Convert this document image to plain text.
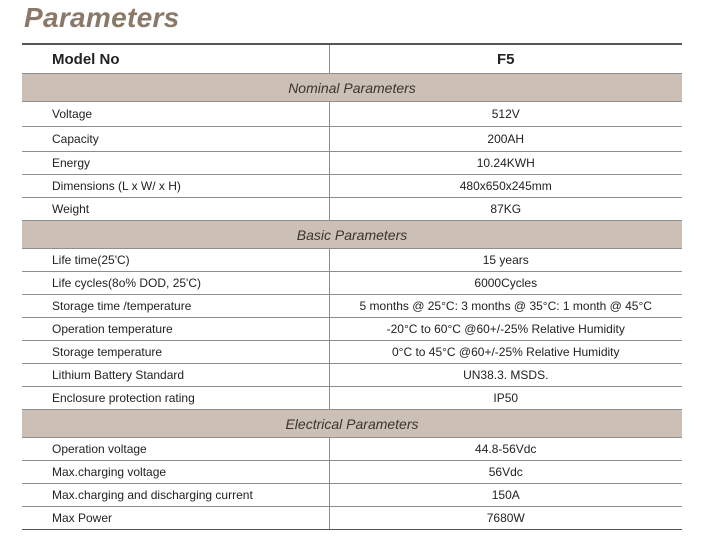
Parameters
Model No	F5
Nominal Parameters	
Voltage	512V
Capacity	200AH
Energy	10.24KWH
Dimensions (L x W/ x H)	480x650x245mm
Weight	87KG
Basic Parameters	
Life time(25'C)	15 years
Life cycles(8o% DOD, 25'C)	6000Cycles
Storage time /temperature	5 months @ 25°C: 3 months @ 35°C: 1 month @ 45°C
Operation temperature	-20°C to 60°C @60+/-25% Relative Humidity
Storage temperature	0°C to 45°C @60+/-25% Relative Humidity
Lithium Battery Standard	UN38.3. MSDS.
Enclosure protection rating	IP50
Electrical Parameters	
Operation voltage	44.8-56Vdc
Max.charging voltage	56Vdc
Max.charging and discharging current	150A
Max Power	7680W
